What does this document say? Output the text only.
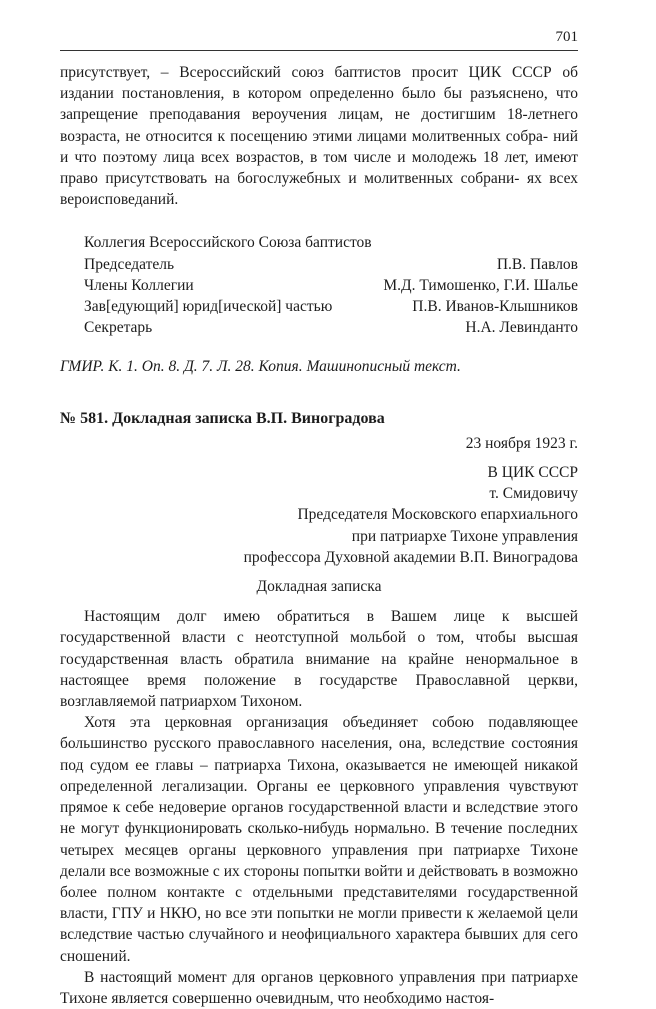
701

присутствует, – Всероссийский союз баптистов просит ЦИК СССР об издании постановления, в котором определенно было бы разъяснено, что запрещение преподавания вероучения лицам, не достигшим 18-летнего возраста, не относится к посещению этими лицами молитвенных собра- ний и что поэтому лица всех возрастов, в том числе и молодежь 18 лет, имеют право присутствовать на богослужебных и молитвенных собрани- ях всех вероисповеданий.

Коллегия Всероссийского Союза баптистов
Председатель	П.В. Павлов
Члены Коллегии	М.Д. Тимошенко, Г.И. Шалье
Зав[едующий] юрид[ической] частью	П.В. Иванов-Клышников
Секретарь	Н.А. Левинданто
ГМИР. К. 1. Оп. 8. Д. 7. Л. 28. Копия. Машинописный текст.
№ 581. Докладная записка В.П. Виноградова
23 ноября 1923 г.
В ЦИК СССР
т. Смидовичу
Председателя Московского епархиального
при патриархе Тихоне управления
профессора Духовной академии В.П. Виноградова
Докладная записка

Настоящим долг имею обратиться в Вашем лице к высшей государственной власти с неотступной мольбой о том, чтобы высшая государственная власть обратила внимание на крайне ненормальное в настоящее время положение в государстве Православной церкви, возглавляемой патриархом Тихоном.

Хотя эта церковная организация объединяет собою подавляющее большинство русского православного населения, она, вследствие состояния под судом ее главы – патриарха Тихона, оказывается не имеющей никакой определенной легализации. Органы ее церковного управления чувствуют прямое к себе недоверие органов государственной власти и вследствие этого не могут функционировать сколько-нибудь нормально. В течение последних четырех месяцев органы церковного управления при патриархе Тихоне делали все возможные с их стороны попытки войти и действовать в возможно более полном контакте с отдельными представителями государственной власти, ГПУ и НКЮ, но все эти попытки не могли привести к желаемой цели вследствие частью случайного и неофициального характера бывших для сего сношений.

В настоящий момент для органов церковного управления при патриархе Тихоне является совершенно очевидным, что необходимо настоя-
